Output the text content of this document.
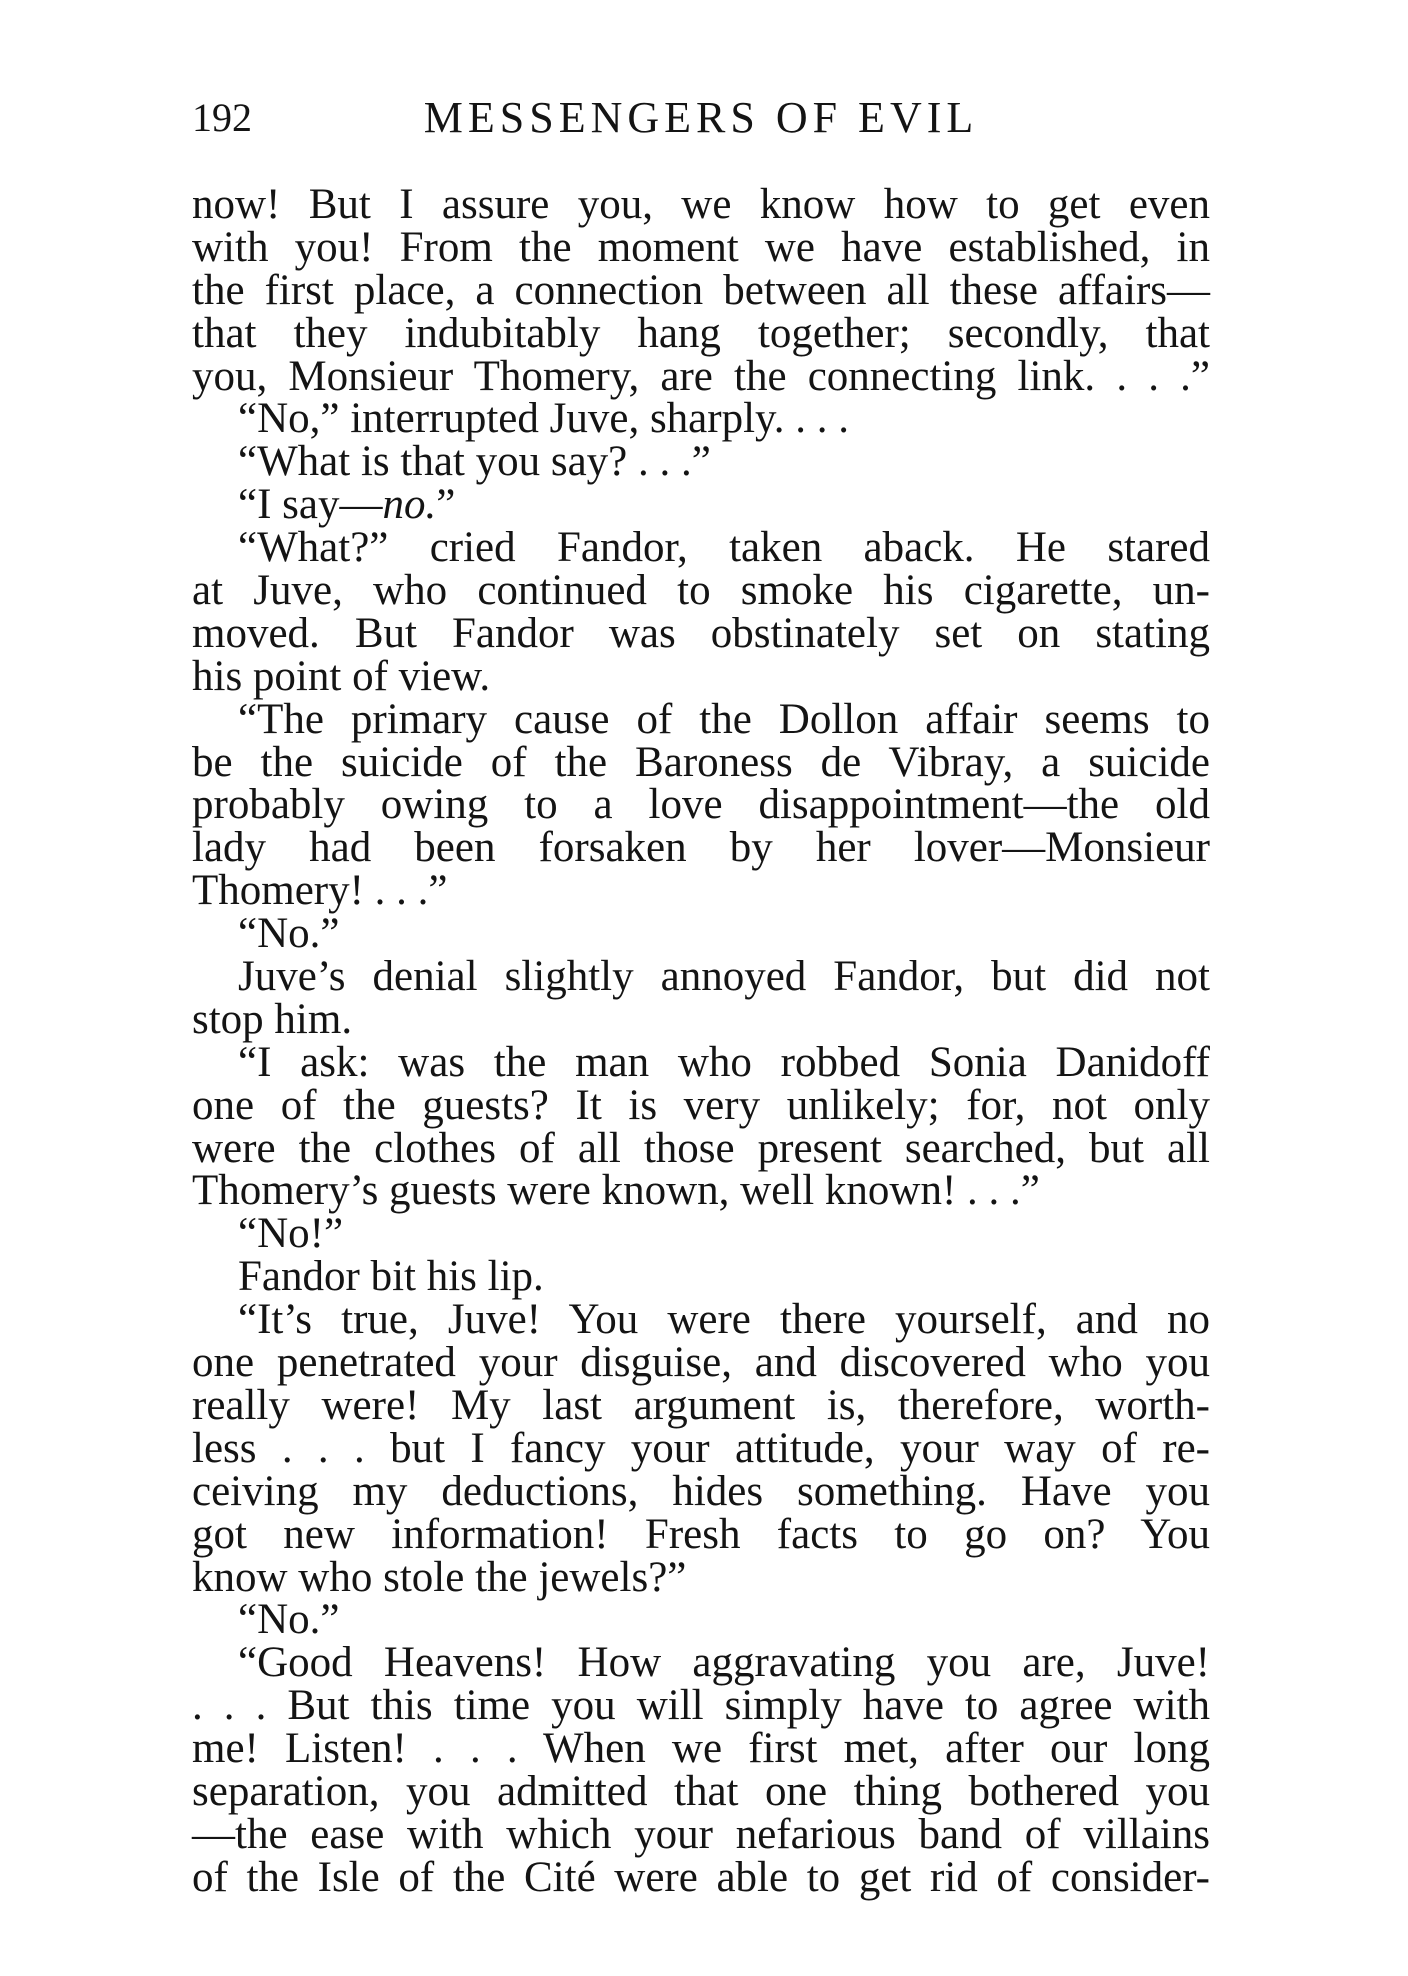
192	MESSENGERS OF EVIL
now! But I assure you, we know how to get even
with you! From the moment we have established, in
the first place, a connection between all these affairs—
that they indubitably hang together; secondly, that
you, Monsieur Thomery, are the connecting link. . . .”
“No,” interrupted Juve, sharply. . . .
“What is that you say? . . .”
“I say—no.”
“What?” cried Fandor, taken aback. He stared
at Juve, who continued to smoke his cigarette, un-
moved. But Fandor was obstinately set on stating
his point of view.
“The primary cause of the Dollon affair seems to
be the suicide of the Baroness de Vibray, a suicide
probably owing to a love disappointment—the old
lady had been forsaken by her lover—Monsieur
Thomery! . . .”
“No.”
Juve’s denial slightly annoyed Fandor, but did not
stop him.
“I ask: was the man who robbed Sonia Danidoff
one of the guests? It is very unlikely; for, not only
were the clothes of all those present searched, but all
Thomery’s guests were known, well known! . . .”
“No!”
Fandor bit his lip.
“It’s true, Juve! You were there yourself, and no
one penetrated your disguise, and discovered who you
really were! My last argument is, therefore, worth-
less . . . but I fancy your attitude, your way of re-
ceiving my deductions, hides something. Have you
got new information! Fresh facts to go on? You
know who stole the jewels?”
“No.”
“Good Heavens! How aggravating you are, Juve!
. . . But this time you will simply have to agree with
me! Listen! . . . When we first met, after our long
separation, you admitted that one thing bothered you
—the ease with which your nefarious band of villains
of the Isle of the Cité were able to get rid of consider-
